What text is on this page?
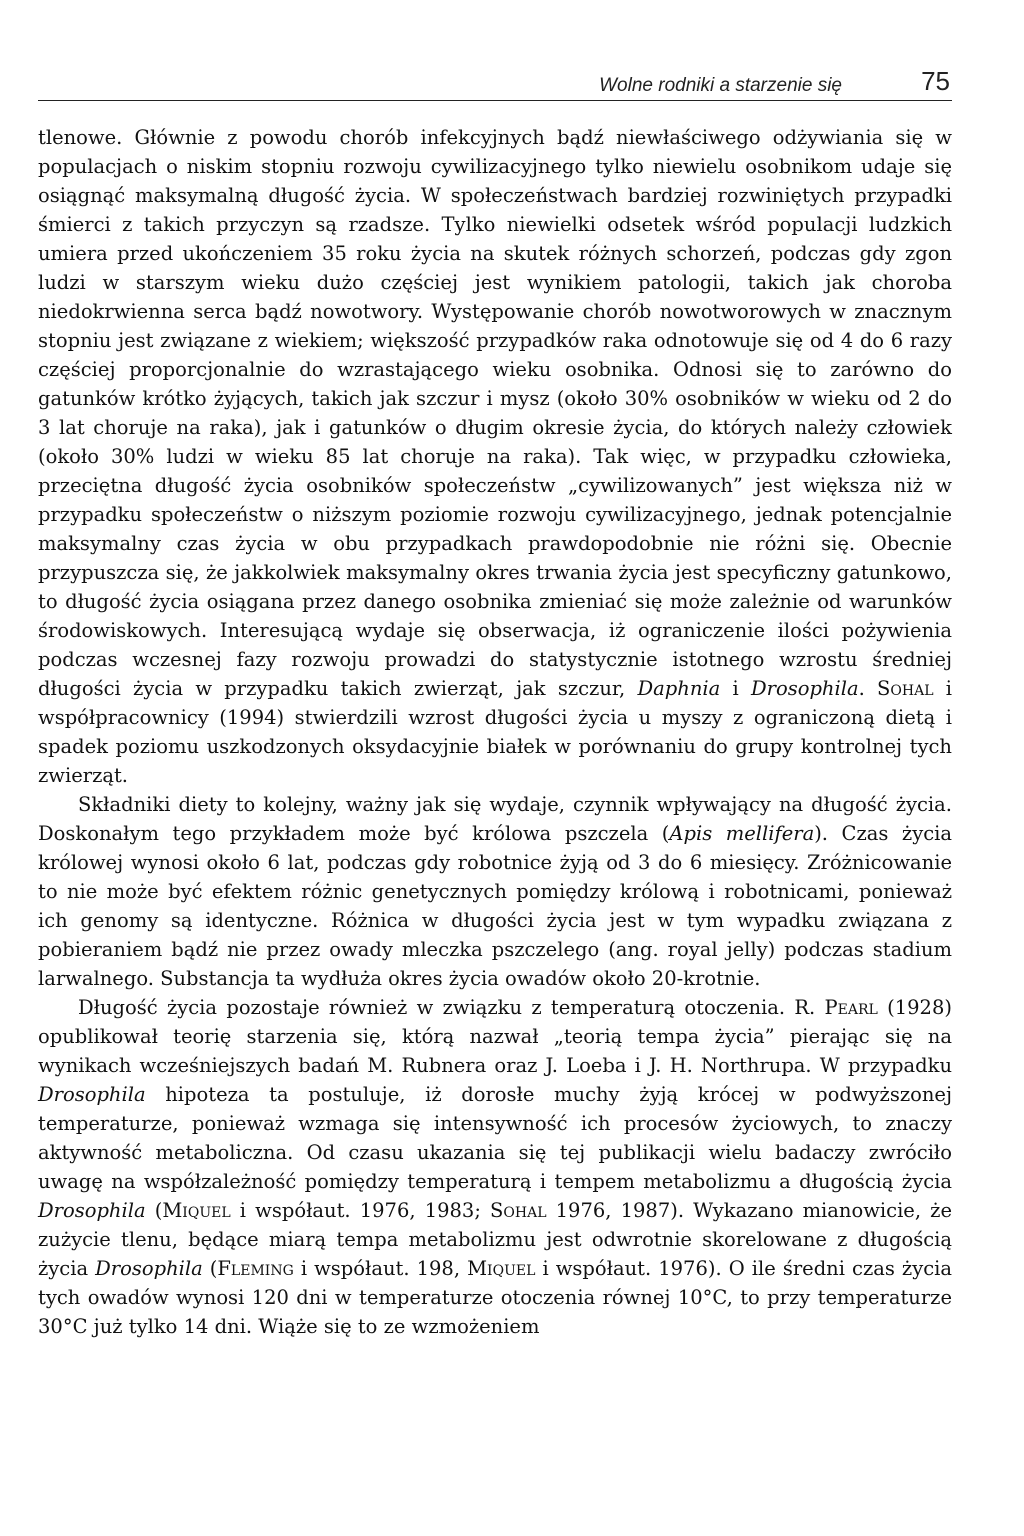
Wolne rodniki a starzenie się	75

tlenowe. Głównie z powodu chorób infekcyjnych bądź niewłaściwego odżywiania się w populacjach o niskim stopniu rozwoju cywilizacyjnego tylko niewielu osobnikom udaje się osiągnąć maksymalną długość życia. W społeczeństwach bardziej rozwiniętych przypadki śmierci z takich przyczyn są rzadsze. Tylko niewielki odsetek wśród populacji ludzkich umiera przed ukończeniem 35 roku życia na skutek różnych schorzeń, podczas gdy zgon ludzi w starszym wieku dużo częściej jest wynikiem patologii, takich jak choroba niedokrwienna serca bądź nowotwory. Występowanie chorób nowotworowych w znacznym stopniu jest związane z wiekiem; większość przypadków raka odnotowuje się od 4 do 6 razy częściej proporcjonalnie do wzrastającego wieku osobnika. Odnosi się to zarówno do gatunków krótko żyjących, takich jak szczur i mysz (około 30% osobników w wieku od 2 do 3 lat choruje na raka), jak i gatunków o długim okresie życia, do których należy człowiek (około 30% ludzi w wieku 85 lat choruje na raka). Tak więc, w przypadku człowieka, przeciętna długość życia osobników społeczeństw „cywilizowanych” jest większa niż w przypadku społeczeństw o niższym poziomie rozwoju cywilizacyjnego, jednak potencjalnie maksymalny czas życia w obu przypadkach prawdopodobnie nie różni się. Obecnie przypuszcza się, że jakkolwiek maksymalny okres trwania życia jest specyficzny gatunkowo, to długość życia osiągana przez danego osobnika zmieniać się może zależnie od warunków środowiskowych. Interesującą wydaje się obserwacja, iż ograniczenie ilości pożywienia podczas wczesnej fazy rozwoju prowadzi do statystycznie istotnego wzrostu średniej długości życia w przypadku takich zwierząt, jak szczur, Daphnia i Drosophila. Sohal i współpracownicy (1994) stwierdzili wzrost długości życia u myszy z ograniczoną dietą i spadek poziomu uszkodzonych oksydacyjnie białek w porównaniu do grupy kontrolnej tych zwierząt.

Składniki diety to kolejny, ważny jak się wydaje, czynnik wpływający na długość życia. Doskonałym tego przykładem może być królowa pszczela (Apis mellifera). Czas życia królowej wynosi około 6 lat, podczas gdy robotnice żyją od 3 do 6 miesięcy. Zróżnicowanie to nie może być efektem różnic genetycznych pomiędzy królową i robotnicami, ponieważ ich genomy są identyczne. Różnica w długości życia jest w tym wypadku związana z pobieraniem bądź nie przez owady mleczka pszczelego (ang. royal jelly) podczas stadium larwalnego. Substancja ta wydłuża okres życia owadów około 20-krotnie.

Długość życia pozostaje również w związku z temperaturą otoczenia. R. Pearl (1928) opublikował teorię starzenia się, którą nazwał „teorią tempa życia” pierając się na wynikach wcześniejszych badań M. Rubnera oraz J. Loeba i J. H. Northrupa. W przypadku Drosophila hipoteza ta postuluje, iż dorosłe muchy żyją krócej w podwyższonej temperaturze, ponieważ wzmaga się intensywność ich procesów życiowych, to znaczy aktywność metaboliczna. Od czasu ukazania się tej publikacji wielu badaczy zwróciło uwagę na współzależność pomiędzy temperaturą i tempem metabolizmu a długością życia Drosophila (Miquel i współaut. 1976, 1983; Sohal 1976, 1987). Wykazano mianowicie, że zużycie tlenu, będące miarą tempa metabolizmu jest odwrotnie skorelowane z długością życia Drosophila (Fleming i współaut. 198, Miquel i współaut. 1976). O ile średni czas życia tych owadów wynosi 120 dni w temperaturze otoczenia równej 10°C, to przy temperaturze 30°C już tylko 14 dni. Wiąże się to ze wzmożeniem
